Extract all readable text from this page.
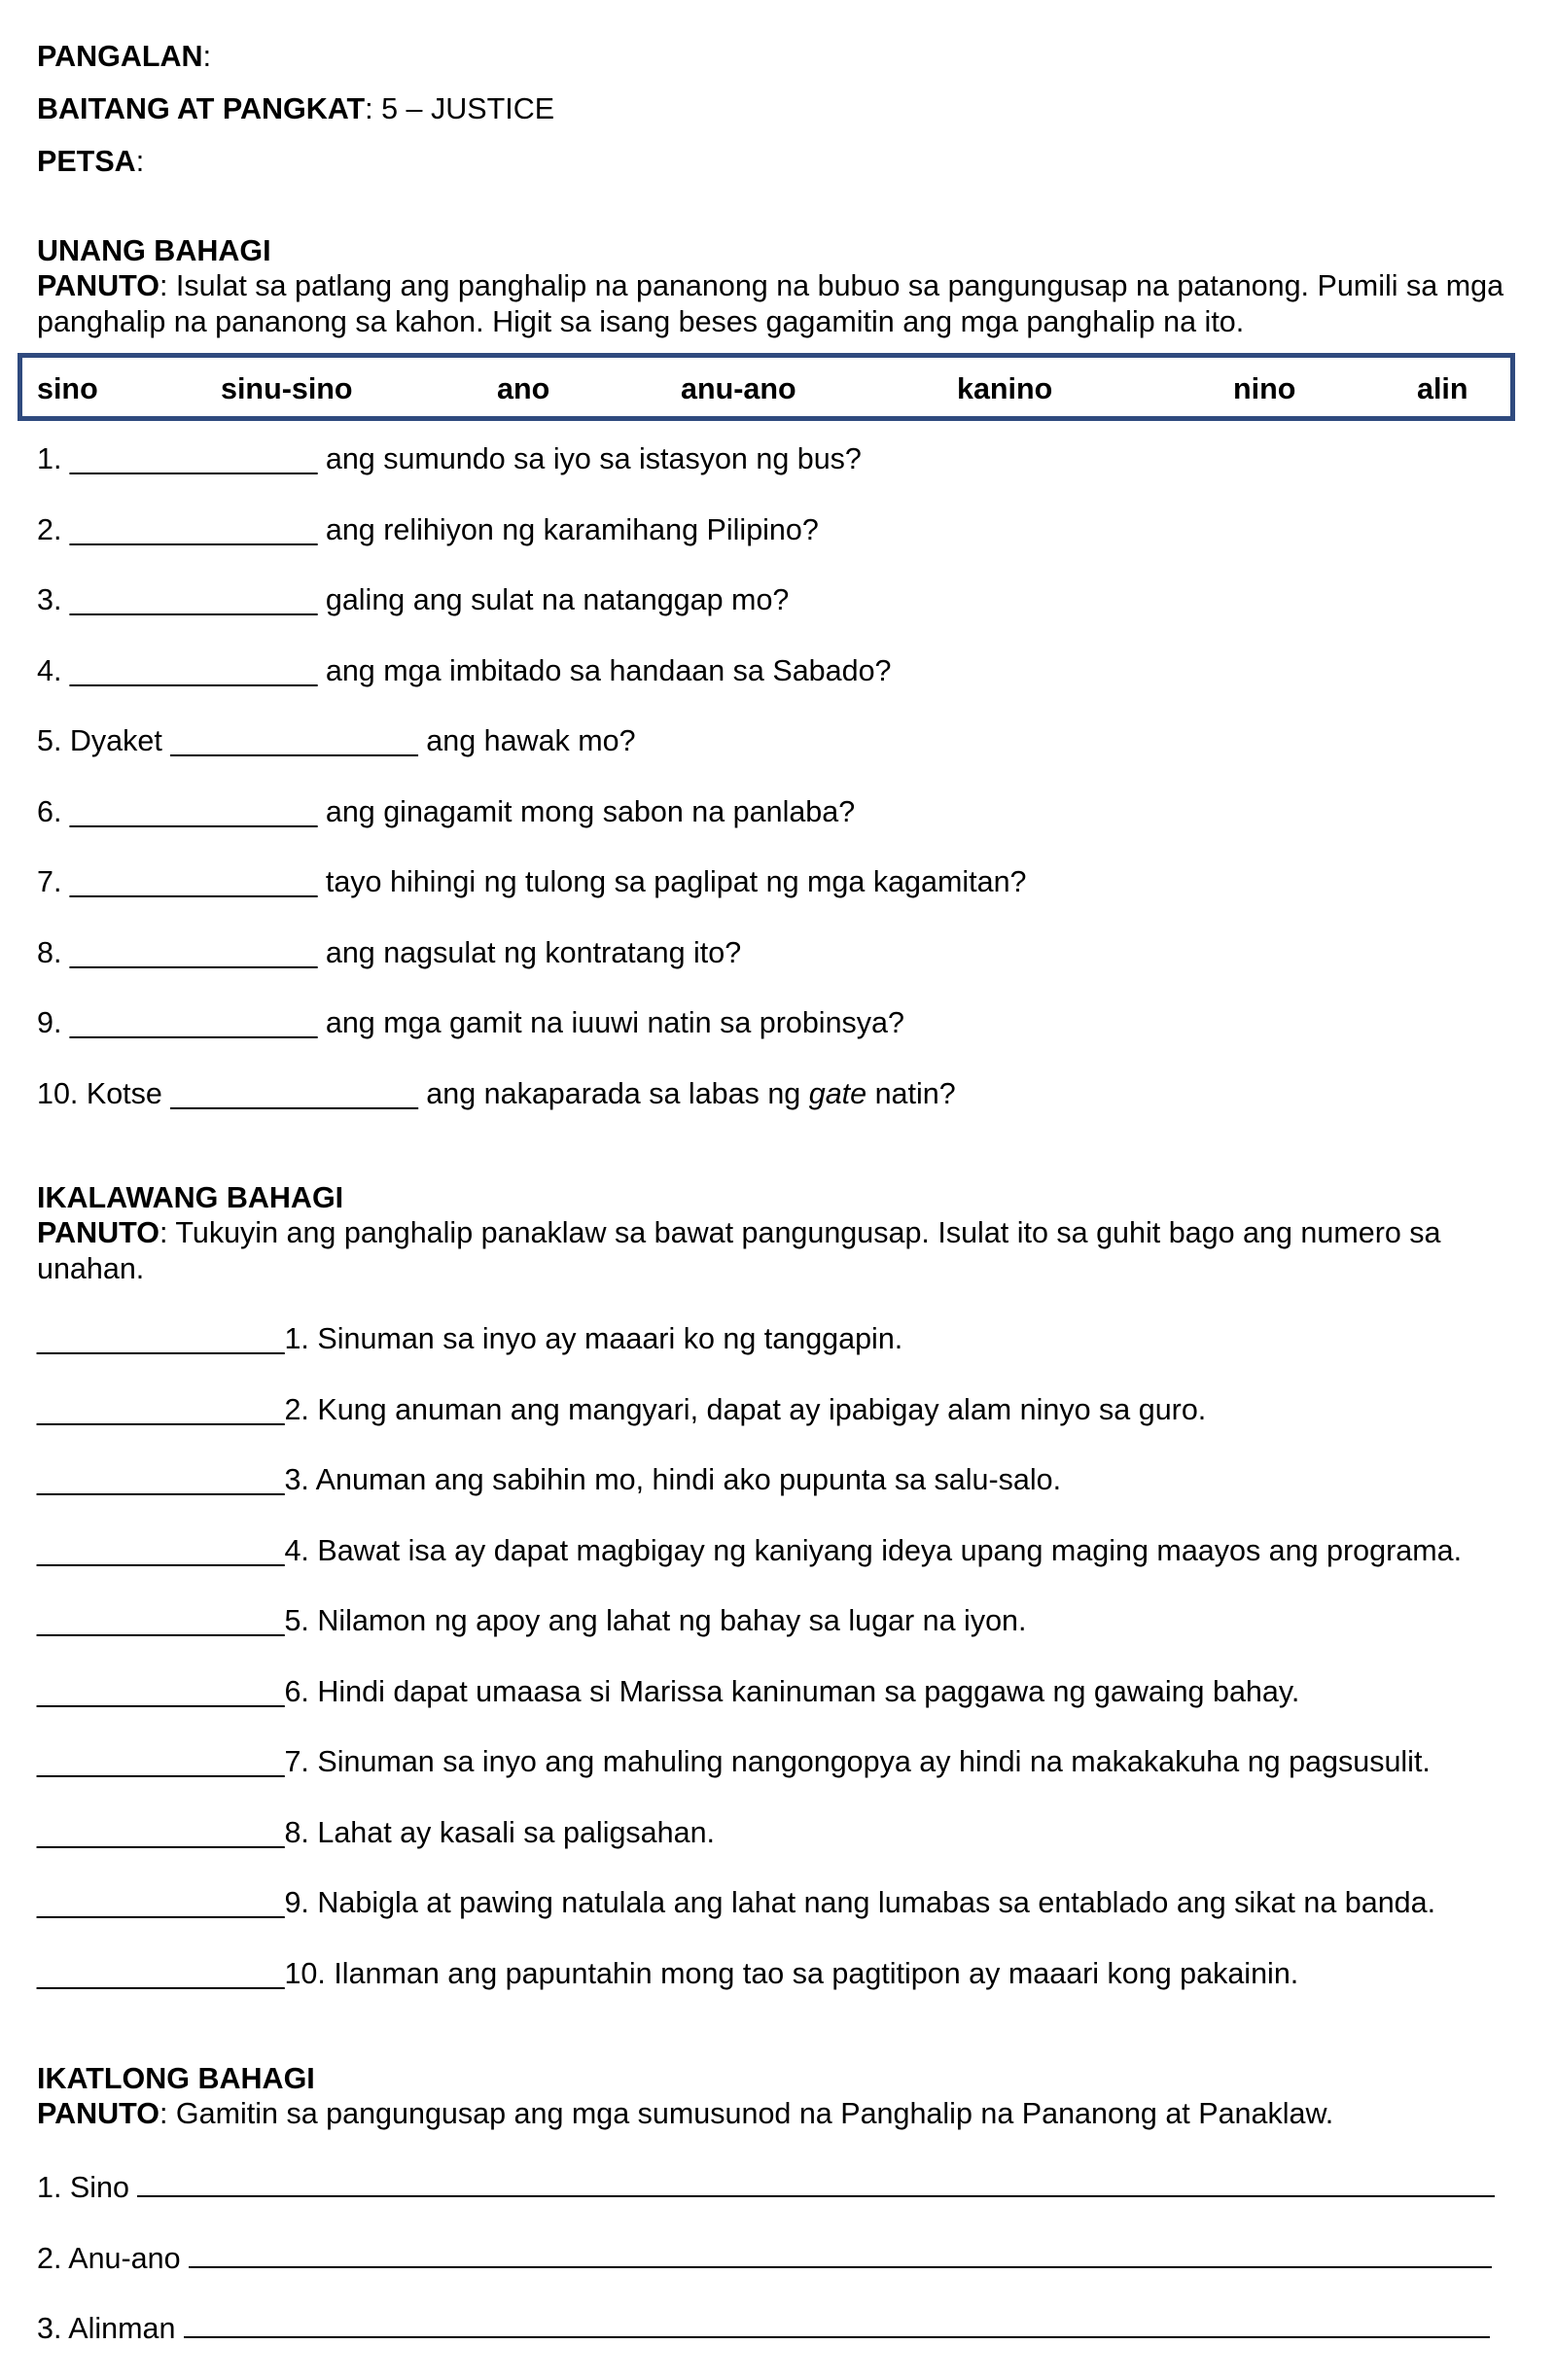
PANGALAN:
BAITANG AT PANGKAT: 5 – JUSTICE
PETSA:
UNANG BAHAGI
PANUTO: Isulat sa patlang ang panghalip na pananong na bubuo sa pangungusap na patanong. Pumili sa mga panghalip na pananong sa kahon. Higit sa isang beses gagamitin ang mga panghalip na ito.
sino	sinu-sino	ano	anu-ano	kanino	nino	alin
1. _______________ ang sumundo sa iyo sa istasyon ng bus?
2. _______________ ang relihiyon ng karamihang Pilipino?
3. _______________ galing ang sulat na natanggap mo?
4. _______________ ang mga imbitado sa handaan sa Sabado?
5. Dyaket _______________ ang hawak mo?
6. _______________ ang ginagamit mong sabon na panlaba?
7. _______________ tayo hihingi ng tulong sa paglipat ng mga kagamitan?
8. _______________ ang nagsulat ng kontratang ito?
9. _______________ ang mga gamit na iuuwi natin sa probinsya?
10. Kotse _______________ ang nakaparada sa labas ng gate natin?
IKALAWANG BAHAGI
PANUTO: Tukuyin ang panghalip panaklaw sa bawat pangungusap. Isulat ito sa guhit bago ang numero sa unahan.
_______________1. Sinuman sa inyo ay maaari ko ng tanggapin.
_______________2. Kung anuman ang mangyari, dapat ay ipabigay alam ninyo sa guro.
_______________3. Anuman ang sabihin mo, hindi ako pupunta sa salu-salo.
_______________4. Bawat isa ay dapat magbigay ng kaniyang ideya upang maging maayos ang programa.
_______________5. Nilamon ng apoy ang lahat ng bahay sa lugar na iyon.
_______________6. Hindi dapat umaasa si Marissa kaninuman sa paggawa ng gawaing bahay.
_______________7. Sinuman sa inyo ang mahuling nangongopya ay hindi na makakakuha ng pagsusulit.
_______________8. Lahat ay kasali sa paligsahan.
_______________9. Nabigla at pawing natulala ang lahat nang lumabas sa entablado ang sikat na banda.
_______________10. Ilanman ang papuntahin mong tao sa pagtitipon ay maaari kong pakainin.
IKATLONG BAHAGI
PANUTO: Gamitin sa pangungusap ang mga sumusunod na Panghalip na Pananong at Panaklaw.
1. Sino
2. Anu-ano
3. Alinman
